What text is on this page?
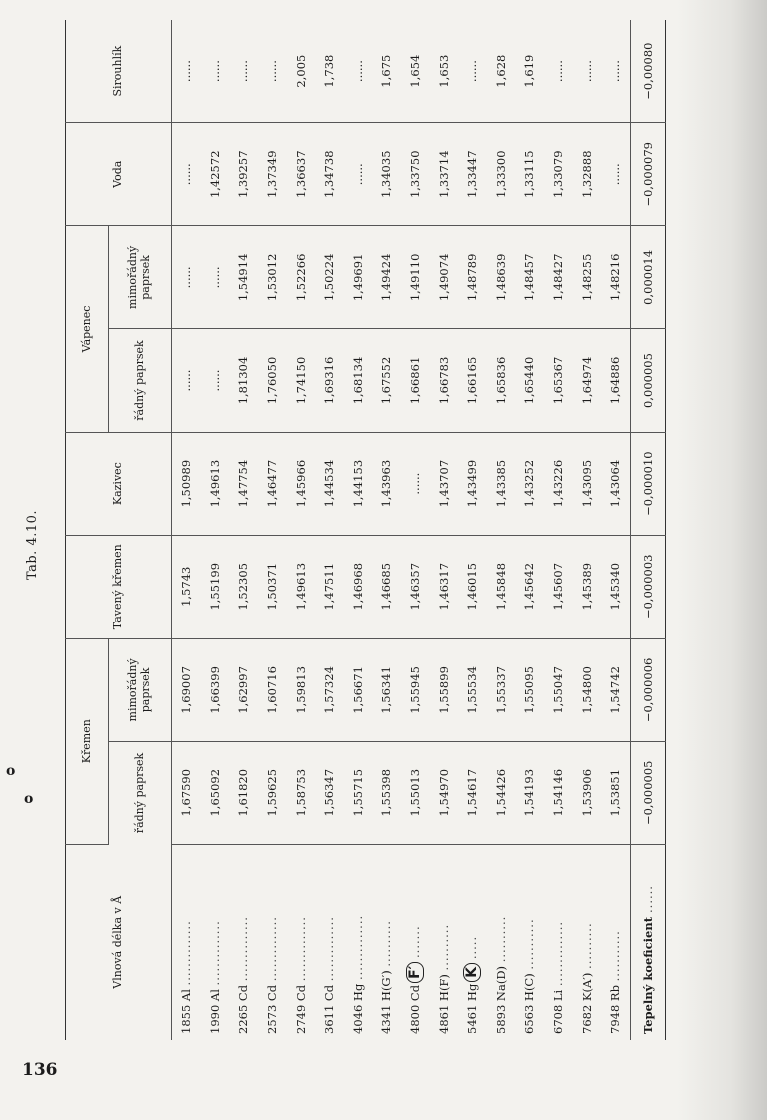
136
o
o
Tab. 4.10.
Vlnová délka v Å	Křemen		Tavený křemen	Kazivec	Vápenec		Voda	Sirouhlík
	řádný paprsek	mimořádný paprsek			řádný paprsek	mimořádný paprsek		
1855 Al ..............	1,67590	1,69007	1,5743	1,50989	......	......	......	......
1990 Al ..............	1,65092	1,66399	1,55199	1,49613	......	......	1,42572	......
2265 Cd ..............	1,61820	1,62997	1,52305	1,47754	1,81304	1,54914	1,39257	......
2573 Cd ..............	1,59625	1,60716	1,50371	1,46477	1,76050	1,53012	1,37349	......
2749 Cd ..............	1,58753	1,59813	1,49613	1,45966	1,74150	1,52266	1,36637	2,005
3611 Cd ..............	1,56347	1,57324	1,47511	1,44534	1,69316	1,50224	1,34738	1,738
4046 Hg ..............	1,55715	1,56671	1,46968	1,44153	1,68134	1,49691	......	......
4341 H(G′) ..........	1,55398	1,56341	1,46685	1,43963	1,67552	1,49424	1,34035	1,675
4800 CdF′ .......	1,55013	1,55945	1,46357	......	1,66861	1,49110	1,33750	1,654
4861 H(F) ..........	1,54970	1,55899	1,46317	1,43707	1,66783	1,49074	1,33714	1,653
5461 HgK .....	1,54617	1,55534	1,46015	1,43499	1,66165	1,48789	1,33447	......
5893 Na(D) ..........	1,54426	1,55337	1,45848	1,43385	1,65836	1,48639	1,33300	1,628
6563 H(C) ...........	1,54193	1,55095	1,45642	1,43252	1,65440	1,48457	1,33115	1,619
6708 Li ..............	1,54146	1,55047	1,45607	1,43226	1,65367	1,48427	1,33079	......
7682 K(A′) ..........	1,53906	1,54800	1,45389	1,43095	1,64974	1,48255	1,32888	......
7948 Rb ...........	1,53851	1,54742	1,45340	1,43064	1,64886	1,48216	......	......
Tepelný koeficient ......	−0,000005	−0,000006	−0,000003	−0,000010	0,000005	0,000014	−0,000079	−0,00080
